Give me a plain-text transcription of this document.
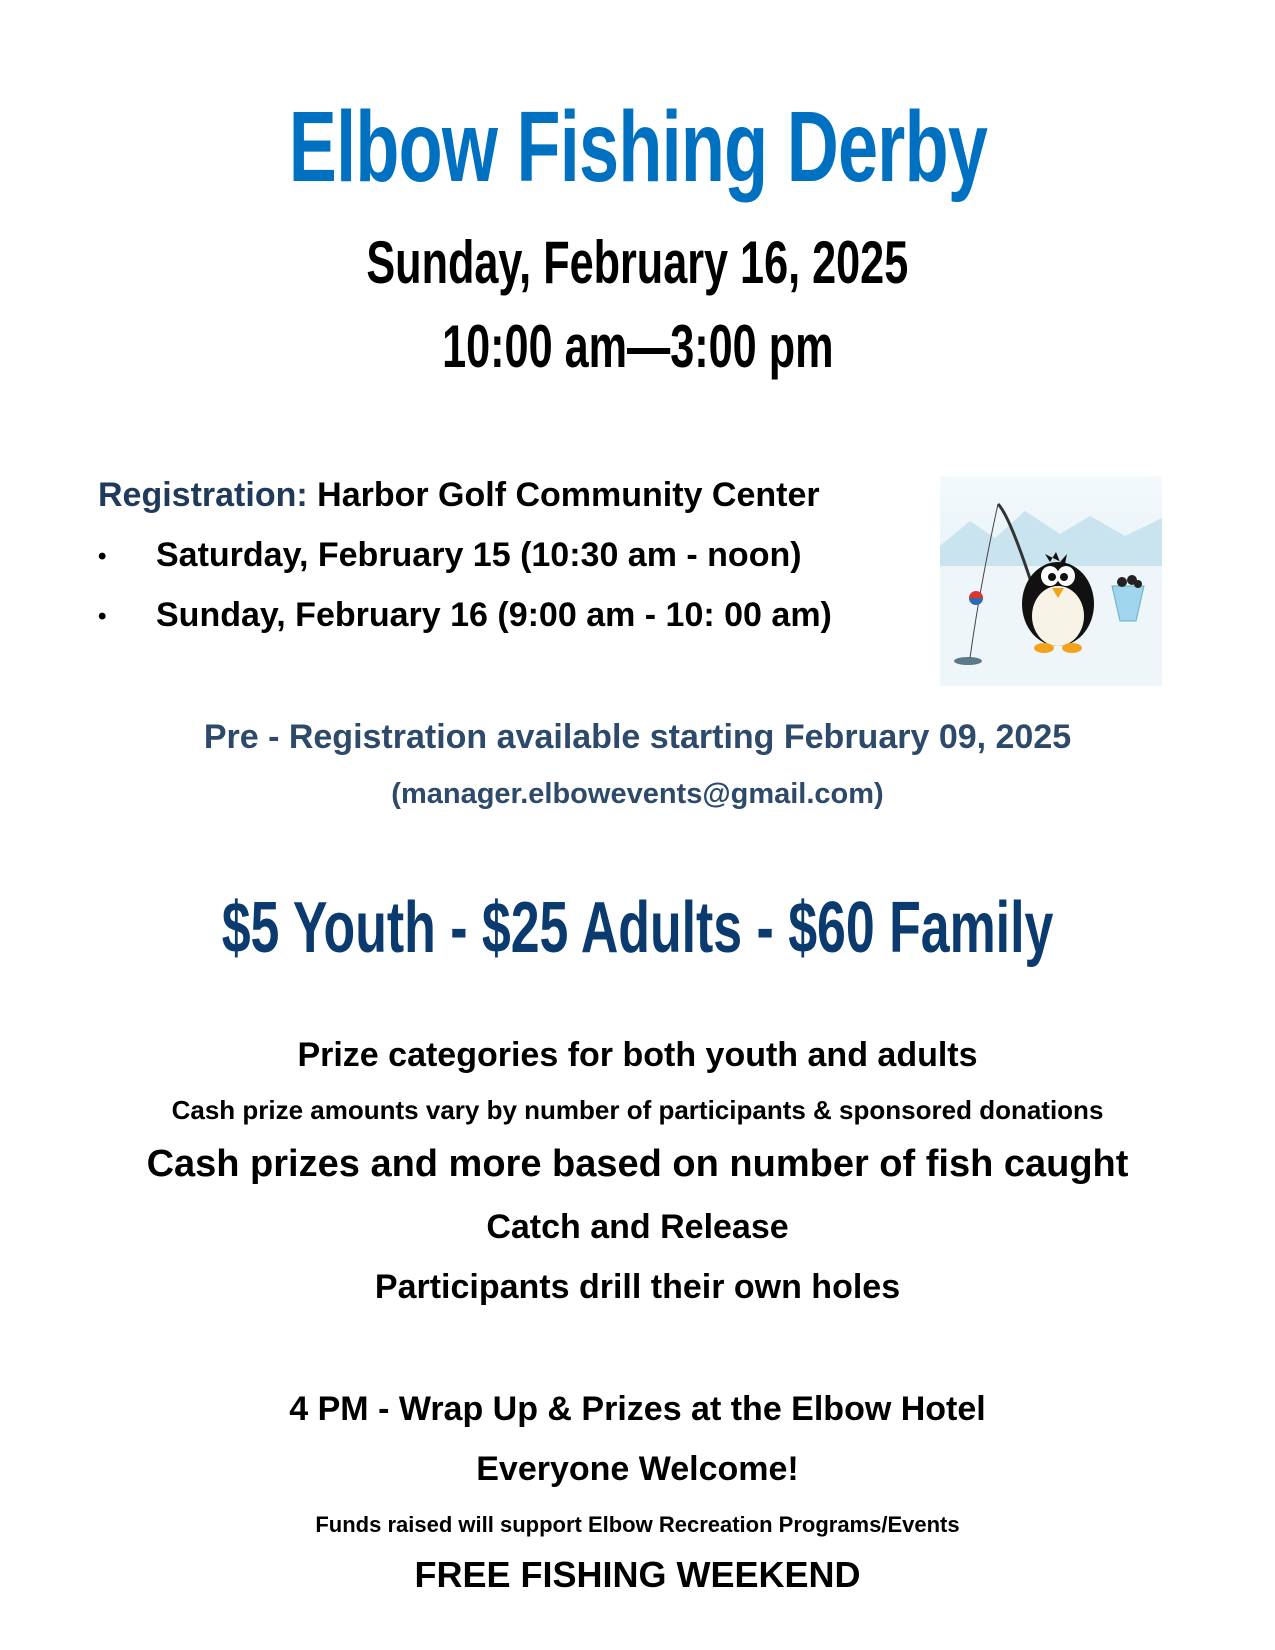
Elbow Fishing Derby
Sunday, February 16, 2025
10:00 am—3:00 pm
Registration: Harbor Golf Community Center
• Saturday, February 15 (10:30 am - noon)
• Sunday, February 16 (9:00 am - 10: 00 am)
Pre - Registration available starting February 09, 2025
(manager.elbowevents@gmail.com)
$5 Youth - $25 Adults - $60 Family
Prize categories for both youth and adults
Cash prize amounts vary by number of participants & sponsored donations
Cash prizes and more based on number of fish caught
Catch and Release
Participants drill their own holes
4 PM - Wrap Up & Prizes at the Elbow Hotel
Everyone Welcome!
Funds raised will support Elbow Recreation Programs/Events
FREE FISHING WEEKEND
